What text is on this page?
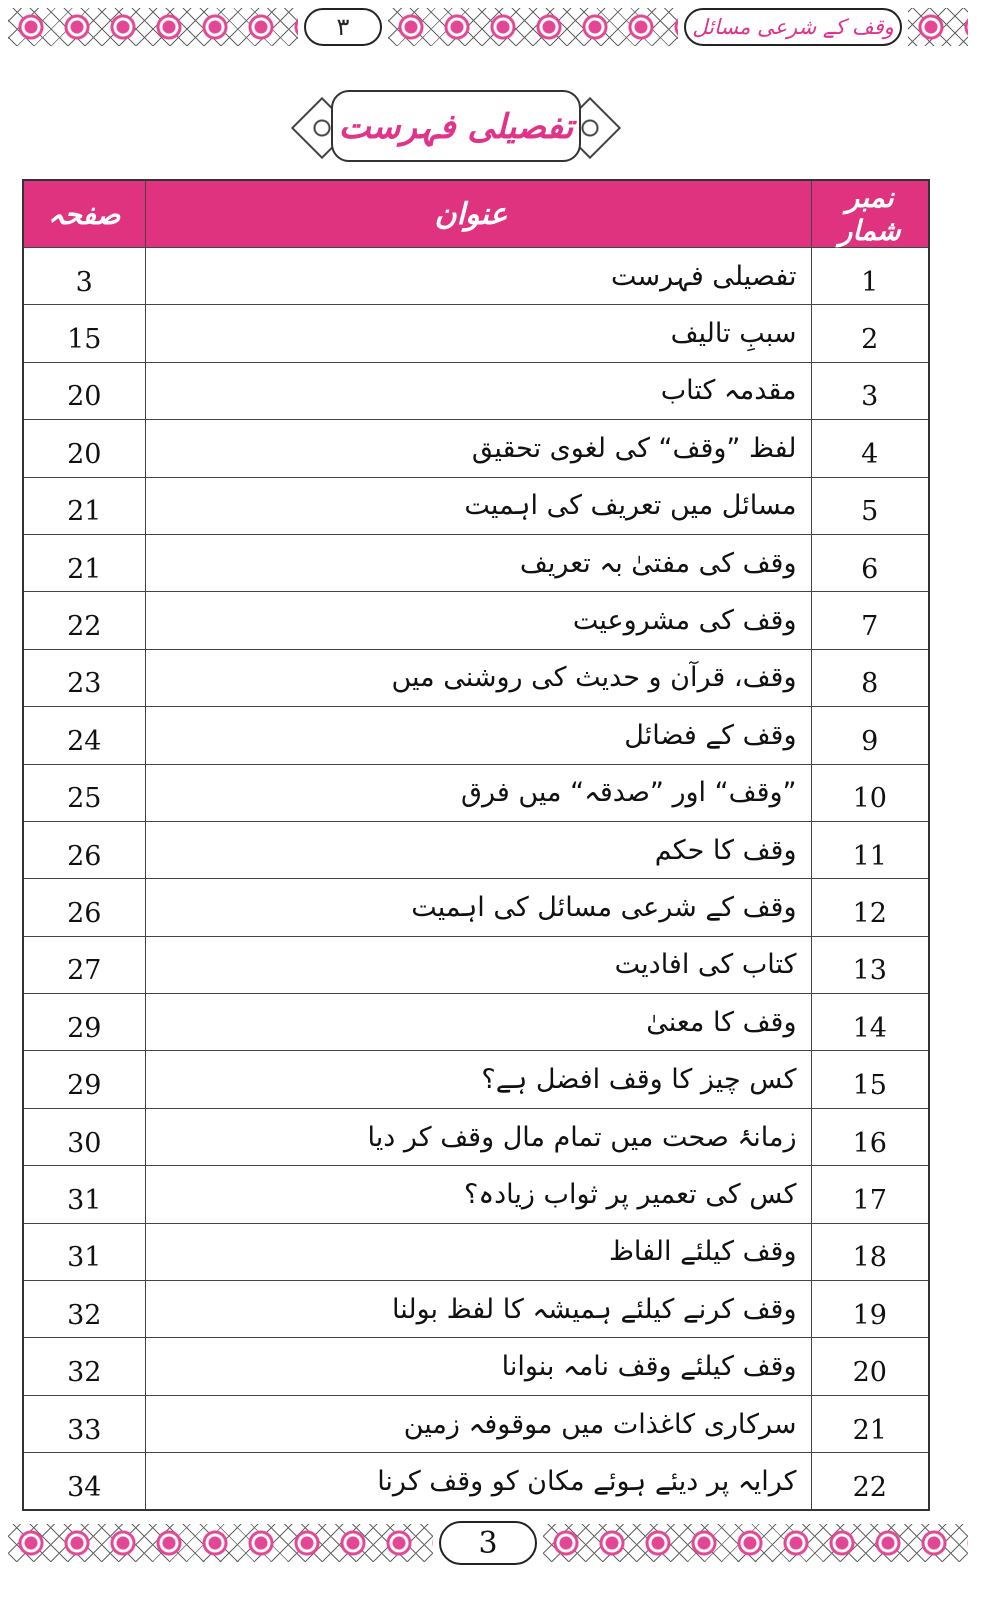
٣	وقف کے شرعی مسائل
تفصیلی فہرست
صفحہ	عنوان	نمبر شمار
3	تفصیلی فہرست	1
15	سببِ تالیف	2
20	مقدمہ کتاب	3
20	لفظ ”وقف“ کی لغوی تحقیق	4
21	مسائل میں تعریف کی اہمیت	5
21	وقف کی مفتیٰ بہ تعریف	6
22	وقف کی مشروعیت	7
23	وقف، قرآن و حدیث کی روشنی میں	8
24	وقف کے فضائل	9
25	”وقف“ اور ”صدقہ“ میں فرق	10
26	وقف کا حکم	11
26	وقف کے شرعی مسائل کی اہمیت	12
27	کتاب کی افادیت	13
29	وقف کا معنیٰ	14
29	کس چیز کا وقف افضل ہے؟	15
30	زمانۂ صحت میں تمام مال وقف کر دیا	16
31	کس کی تعمیر پر ثواب زیادہ؟	17
31	وقف کیلئے الفاظ	18
32	وقف کرنے کیلئے ہمیشہ کا لفظ بولنا	19
32	وقف کیلئے وقف نامہ بنوانا	20
33	سرکاری کاغذات میں موقوفہ زمین	21
34	کرایہ پر دیئے ہوئے مکان کو وقف کرنا	22
3
